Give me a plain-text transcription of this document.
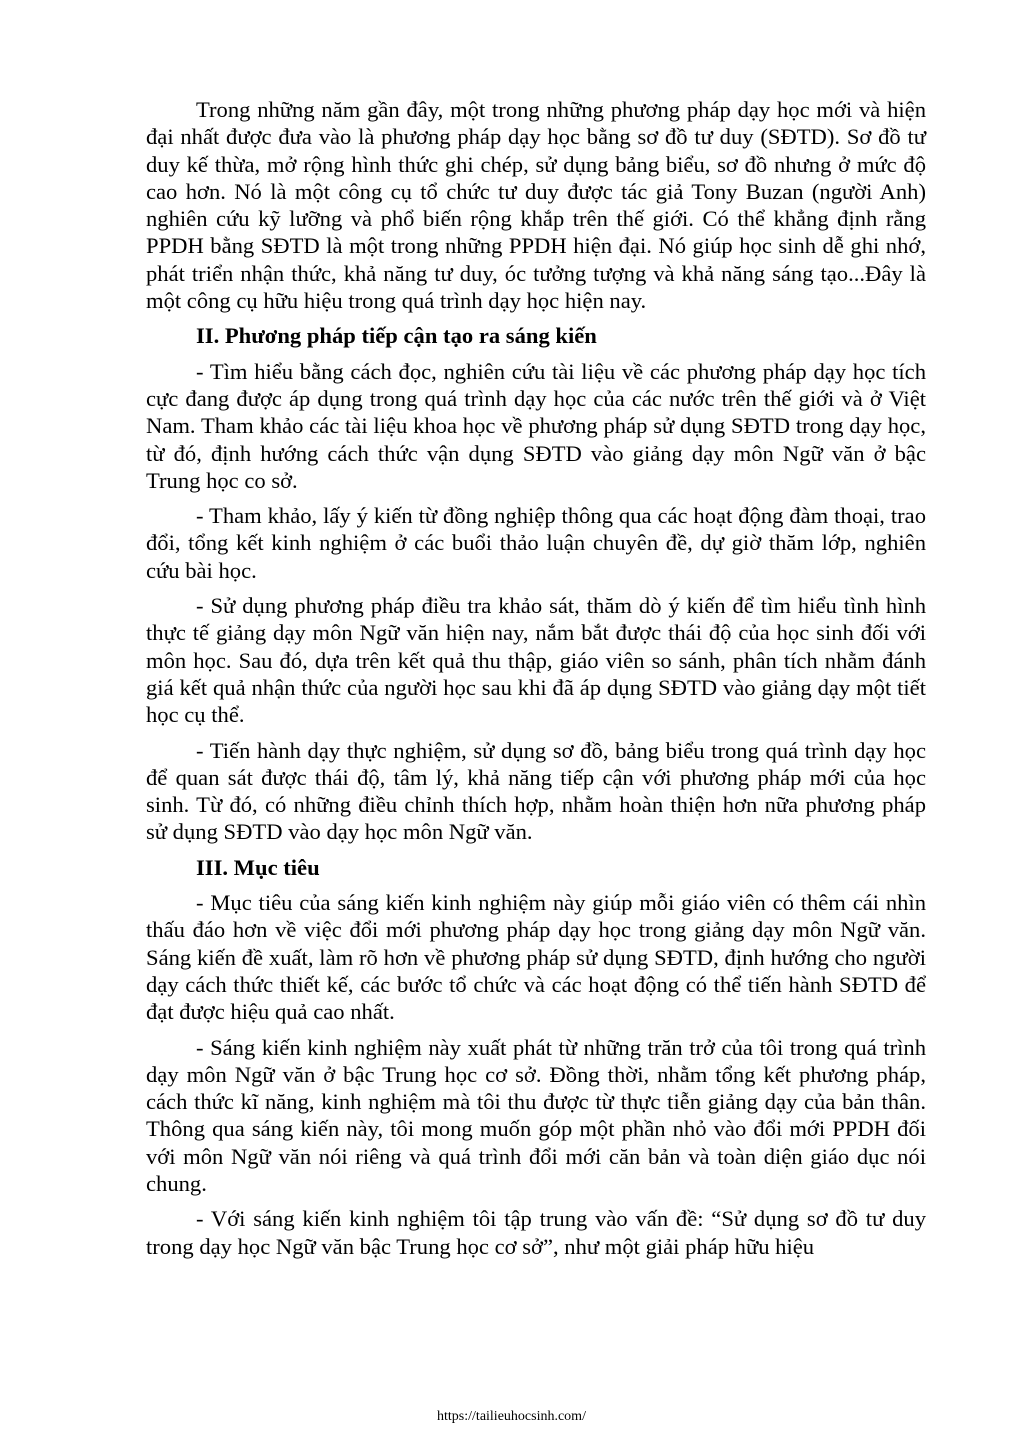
Trong những năm gần đây, một trong những phương pháp dạy học mới và hiện đại nhất được đưa vào là phương pháp dạy học bằng sơ đồ tư duy (SĐTD). Sơ đồ tư duy kế thừa, mở rộng hình thức ghi chép, sử dụng bảng biểu, sơ đồ nhưng ở mức độ cao hơn. Nó là một công cụ tổ chức tư duy được tác giả Tony Buzan (người Anh) nghiên cứu kỹ lưỡng và phổ biến rộng khắp trên thế giới. Có thể khẳng định rằng PPDH bằng SĐTD là một trong những PPDH hiện đại. Nó giúp học sinh dễ ghi nhớ, phát triển nhận thức, khả năng tư duy, óc tưởng tượng và khả năng sáng tạo...Đây là một công cụ hữu hiệu trong quá trình dạy học hiện nay.

II. Phương pháp tiếp cận tạo ra sáng kiến

- Tìm hiểu bằng cách đọc, nghiên cứu tài liệu về các phương pháp dạy học tích cực đang được áp dụng trong quá trình dạy học của các nước trên thế giới và ở Việt Nam. Tham khảo các tài liệu khoa học về phương pháp sử dụng SĐTD trong dạy học, từ đó, định hướng cách thức vận dụng SĐTD vào giảng dạy môn Ngữ văn ở bậc Trung học co sở.

- Tham khảo, lấy ý kiến từ đồng nghiệp thông qua các hoạt động đàm thoại, trao đổi, tổng kết kinh nghiệm ở các buổi thảo luận chuyên đề, dự giờ thăm lớp, nghiên cứu bài học.

- Sử dụng phương pháp điều tra khảo sát, thăm dò ý kiến để tìm hiểu tình hình thực tế giảng dạy môn Ngữ văn hiện nay, nắm bắt được thái độ của học sinh đối với môn học. Sau đó, dựa trên kết quả thu thập, giáo viên so sánh, phân tích nhằm đánh giá kết quả nhận thức của người học sau khi đã áp dụng SĐTD vào giảng dạy một tiết học cụ thể.

- Tiến hành dạy thực nghiệm, sử dụng sơ đồ, bảng biểu trong quá trình dạy học để quan sát được thái độ, tâm lý, khả năng tiếp cận với phương pháp mới của học sinh. Từ đó, có những điều chỉnh thích hợp, nhằm hoàn thiện hơn nữa phương pháp sử dụng SĐTD vào dạy học môn Ngữ văn.

III. Mục tiêu

- Mục tiêu của sáng kiến kinh nghiệm này giúp mỗi giáo viên có thêm cái nhìn thấu đáo hơn về việc đổi mới phương pháp dạy học trong giảng dạy môn Ngữ văn. Sáng kiến đề xuất, làm rõ hơn về phương pháp sử dụng SĐTD, định hướng cho người dạy cách thức thiết kế, các bước tổ chức và các hoạt động có thể tiến hành SĐTD để đạt được hiệu quả cao nhất.

- Sáng kiến kinh nghiệm này xuất phát từ những trăn trở của tôi trong quá trình dạy môn Ngữ văn ở bậc Trung học cơ sở. Đồng thời, nhằm tổng kết phương pháp, cách thức kĩ năng, kinh nghiệm mà tôi thu được từ thực tiễn giảng dạy của bản thân. Thông qua sáng kiến này, tôi mong muốn góp một phần nhỏ vào đổi mới PPDH đối với môn Ngữ văn nói riêng và quá trình đổi mới căn bản và toàn diện giáo dục nói chung.

- Với sáng kiến kinh nghiệm tôi tập trung vào vấn đề: “Sử dụng sơ đồ tư duy trong dạy học Ngữ văn bậc Trung học cơ sở”, như một giải pháp hữu hiệu

https://tailieuhocsinh.com/
